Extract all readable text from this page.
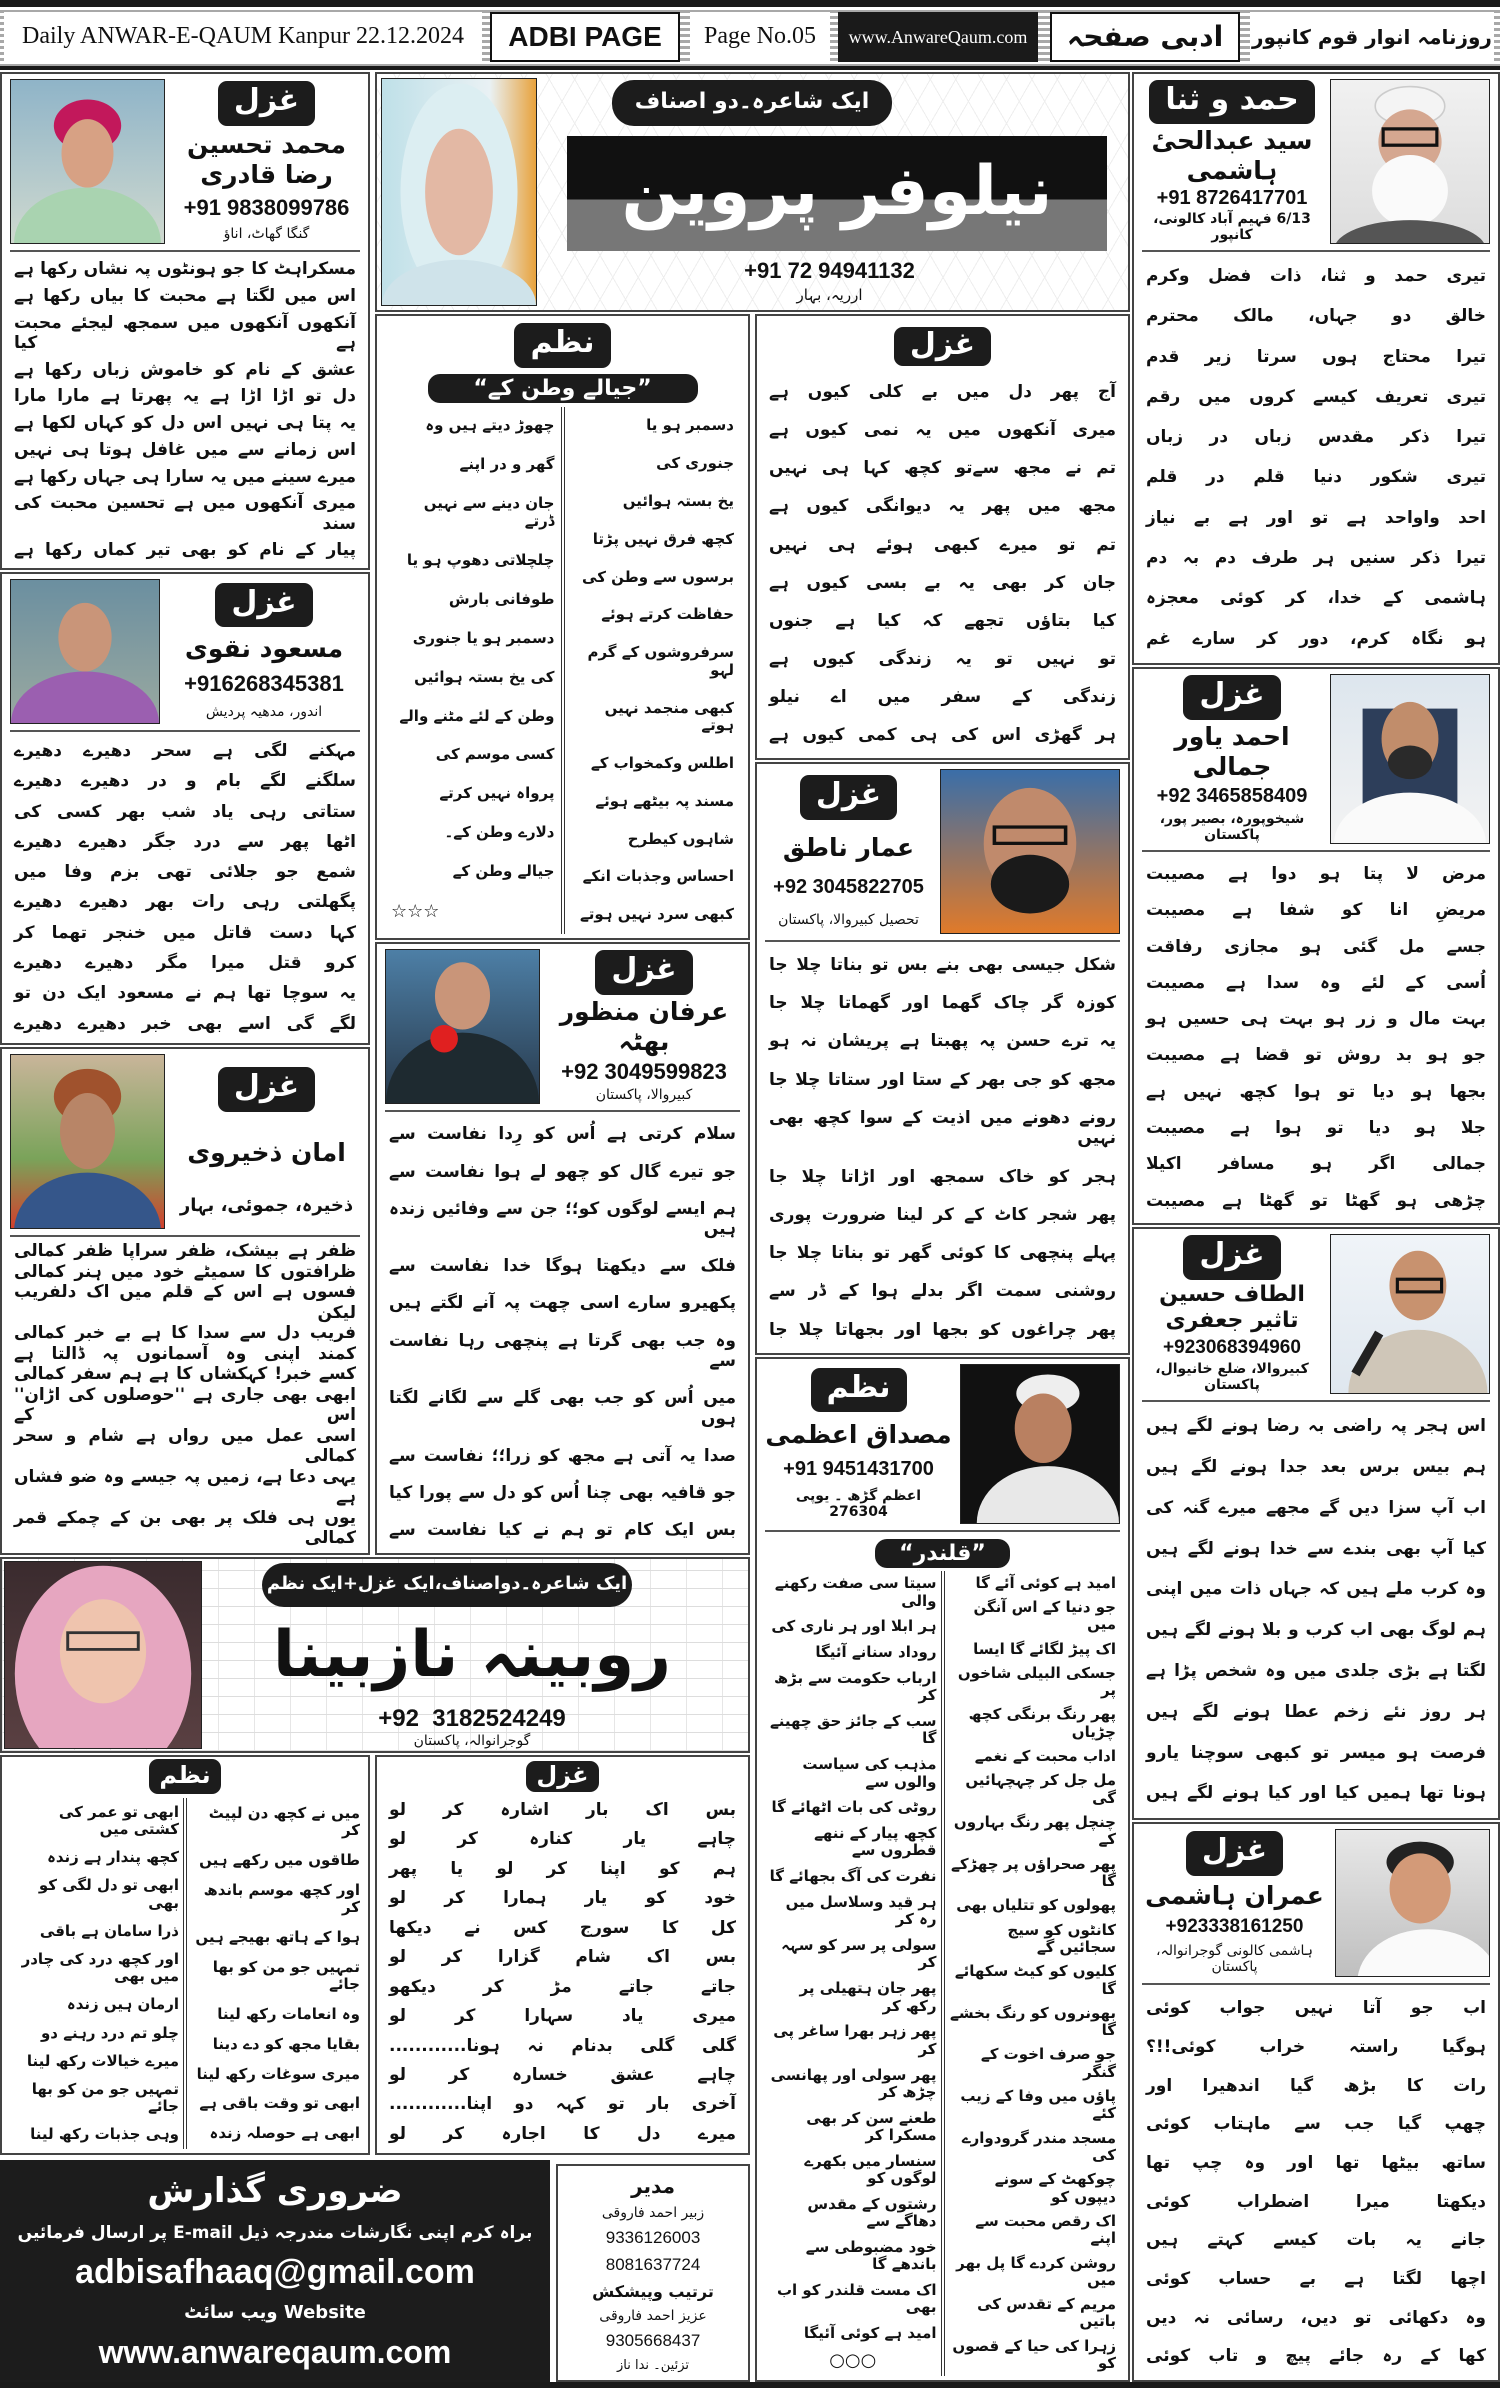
Daily ANWAR-E-QAUM Kanpur 22.12.2024 ADBI PAGE Page No.05 www.AnwareQaum.com ادبی صفحہ روزنامہ انوار قوم کانپور
غزل
محمد تحسین رضا قادری
+91 9838099786
گنگا گھاٹ، اناؤ
مسکراہٹ کا جو ہونٹوں پہ نشاں رکھا ہے
اس میں لگتا ہے محبت کا بیاں رکھا ہے
آنکھوں آنکھوں میں سمجھ لیجئے محبت ہے کیا
عشق کے نام کو خاموش زباں رکھا ہے
دل تو اڑا اڑا ہے یہ پھرتا ہے مارا مارا
یہ پتا ہی نہیں اس دل کو کہاں لکھا ہے
اس زمانے سے میں غافل ہوتا ہی نہیں
میرے سینے میں یہ سارا ہی جہاں رکھا ہے
میری آنکھوں میں ہے تحسین محبت کی سند
پیار کے نام کو بھی تیر کماں رکھا ہے
غزل
مسعود نقوی
+916268345381
اندور، مدھیہ پردیش
مہکنے لگی ہے سحر دھیرے دھیرے
سلگنے لگے بام و در دھیرے دھیرے
ستاتی رہی یاد شب بھر کسی کی
اٹھا پھر سے درد جگر دھیرے دھیرے
شمع جو جلائی تھی بزم وفا میں
پگھلتی رہی رات بھر دھیرے دھیرے
کہا دست قاتل میں خنجر تھما کر
کرو قتل میرا مگر دھیرے دھیرے
یہ سوچا تھا ہم نے مسعود ایک دن تو
لگے گی اسے بھی خبر دھیرے دھیرے
غزل
امان ذخیروی
ذخیرہ، جموئی، بہار
ظفر ہے بیشک، ظفر سراپا ظفر کمالی
ظرافتوں کا سمیٹے خود میں ہنر کمالی
فسوں ہے اس کے قلم میں اک دلفریب لیکن
فریب دل سے سدا کا ہے بے خبر کمالی
کمند اپنی وہ آسمانوں پہ ڈالتا ہے
کسے خبر! کہکشاں کا ہے ہم سفر کمالی
ابھی بھی جاری ہے ''حوصلوں کی اڑان'' اس کے
اسی عمل میں رواں ہے شام و سحر کمالی
یہی دعا ہے، زمیں پہ جیسے وہ ضو فشاں ہے
یوں ہی فلک پر بھی بن کے چمکے قمر کمالی
ایک شاعرہ۔دو اصناف
نیلوفر پروین
+91 72 94941132
ارریہ، بہار
نظم
”جیالے وطن کے“
دسمبر ہو یا
جنوری کی
یخ بستہ ہوائیں
کچھ فرق نہیں پڑتا
برسوں سے وطن کی
حفاظت کرتے ہوئے
سرفروشوں کے گرم لہو
کبھی منجمد نہیں ہوتے
اطلس وکمخواب کے
مسند پہ بیٹھے ہوئے
شاہوں کیطرح
احساس وجذبات انکے
کبھی سرد نہیں ہوتے
چھوڑ دیتے ہیں وہ
گھر و در اپنے
جان دینے سے نہیں ڈرتے
چلچلاتی دھوپ ہو یا
طوفانی بارش
دسمبر ہو یا جنوری
کی یخ بستہ ہوائیں
وطن کے لئے مٹنے والے
کسی موسم کی
پرواہ نہیں کرتے
دلارے وطن کے۔
جیالے وطن کے
☆☆☆
غزل
آج پھر دل میں بے کلی کیوں ہے
میری آنکھوں میں یہ نمی کیوں ہے
تم نے مجھ سےتو کچھ کہا ہی نہیں
مجھ میں پھر یہ دیوانگی کیوں ہے
تم تو میرے کبھی ہوئے ہی نہیں
جان کر بھی یہ بے بسی کیوں ہے
کیا بتاؤں تجھے کہ کیا ہے جنوں
تو نہیں تو یہ زندگی کیوں ہے
زندگی کے سفر میں اے نیلو
ہر گھڑی اس کی ہی کمی کیوں ہے
غزل
عرفان منظور بھٹہ
+92 3049599823
کبیروالا، پاکستان
سلام کرتی ہے اُس کو رِدا نفاست سے
جو تیرے گال کو چھو لے ہوا نفاست سے
ہم ایسے لوگوں کو؛؛ جن سے وفائیں زندہ ہیں
فلک سے دیکھتا ہوگا خدا نفاست سے
پکھیرو سارے اسی چھت پہ آنے لگتے ہیں
وہ جب بھی گرتا ہے پنچھی رہا نفاست سے
میں اُس کو جب بھی گلے سے لگانے لگتا ہوں
صدا یہ آتی ہے مجھ کو زرا؛؛ نفاست سے
جو قافیہ بھی چنا اُس کو دل سے پورا کیا
بس ایک کام تو ہم نے کیا نفاست سے
غزل
عمار ناطق
+92 3045822705
تحصیل کبیروالا، پاکستان
شکل جیسی بھی بنے بس تو بناتا چلا جا
کوزہ گر چاک گھما اور گھماتا چلا جا
یہ ترے حسن پہ پھبتا ہے پریشان نہ ہو
مجھ کو جی بھر کے ستا اور ستاتا چلا جا
رونے دھونے میں اذیت کے سوا کچھ بھی نہیں
ہجر کو خاک سمجھ اور اڑاتا چلا جا
پھر شجر کاٹ کے کر لینا ضرورت پوری
پہلے پنچھی کا کوئی گھر تو بناتا چلا جا
روشنی سمت اگر بدلے ہوا کے ڈر سے
پھر چراغوں کو بجھا اور بجھاتا چلا جا
نظم
مصداق اعظمی
+91 9451431700
اعظم گڑھ ۔ یوپی 276304
”قلندر“
امید ہے کوئی آئے گا
جو دنیا کے اس آنگن میں
اک پیڑ لگائے گا ایسا
جسکی البیلی شاخوں پر
پھر رنگ برنگی کچھ چڑیاں
اداب محبت کے نغمے
مل جل کر چہچہائیں گی
چنچل پھر رنگ بہاروں کے
پھر صحراؤں پر چھڑکے گا
پھولوں کو تتلیاں بھی
کانٹوں کو سیج سجائیں گے
کلیوں کو کیٹ سکھائے گا
بھونروں کو رنگ بخشے گا
جو صرف اخوت کے گنگر
پاؤں میں وفا کے زیب کئے
مسجد مندر گرودوارے کی
چوکھٹ کے سونے دیپوں کو
اک رقص محبت سے اپنے
روشن کردے گا پل بھر میں
مریم کے تقدس کی باتیں
زہرا کی حیا کے قصوں کو
سیتا سی صفت رکھنے والی
ہر ابلا اور ہر ناری کی
روداد سنانے آئیگا
ارباب حکومت سے بڑھ کر
سب کے جائز حق چھینے گا
مذہب کی سیاست والوں سے
روٹی کی بات اٹھائے گا
کچھ پیار کے ننھے قطروں سے
نفرت کی آگ بجھائے گا
ہر قید وسلاسل میں رہ کر
سولی پر سر کو سہہ کر
پھر جان ہتھیلی پر رکھ کر
پھر زہر بھرا ساغر پی کر
پھر سولی اور پھانسی چڑھ کر
طعنے سن کر بھی مسکرا کر
سنسار میں بکھرے لوگوں کو
رشتوں کے مقدس دھاگے سے
خود مضبوطی سے باندھے گا
اک مست قلندر کو اب بھی
امید ہے کوئی آئیگا
○○○
حمد و ثنا
سید عبدالحیٔ ہاشمی
+91 8726417701
6/13 فہیم آباد کالونی، کانپور
تیری حمد و ثنا، ذات فضل وکرم
خالق دو جہاں، مالک محترم
تیرا محتاج ہوں سرتا زیر قدم
تیری تعریف کیسے کروں میں رقم
تیرا ذکر مقدس زباں در زباں
تیری شکور دنیا قلم در قلم
احد واواحد ہے تو اور ہے بے نیاز
تیرا ذکر سنیں ہر طرف دم بہ دم
ہاشمی کے خدا، کر کوئی معجزہ
ہو نگاہ کرم، دور کر سارے غم
غزل
احمد یاور جمالی
+92 3465858409
شیخوپورہ، بصیر پور، پاکستان
مرض لا پتا ہو دوا ہے مصیبت
مریضِ انا کو شفا ہے مصیبت
جسے مل گئی ہو مجازی رفاقت
اُسی کے لئے وہ سدا ہے مصیبت
بہت مال و زر ہو بہت ہی حسیں ہو
جو ہو بد روش تو قضا ہے مصیبت
بجھا ہو دیا تو ہوا کچھ نہیں ہے
جلا ہو دیا تو ہوا ہے مصیبت
جمالی اگر ہو مسافر اکیلا
چڑھی ہو گھٹا تو گھٹا ہے مصیبت
غزل
الطاف حسین تاثیر جعفری
+923068394960
کبیروالا، ضلع خانیوال، پاکستان
اس ہجر پہ راضی بہ رضا ہونے لگے ہیں
ہم بیس برس بعد جدا ہونے لگے ہیں
اب آپ سزا دیں گے مجھے میرے گنہ کی
کیا آپ بھی بندے سے خدا ہونے لگے ہیں
وہ کرب ملے ہیں کہ جہاں ذات میں اپنی
ہم لوگ بھی اب کرب و بلا ہونے لگے ہیں
لگتا ہے بڑی جلدی میں وہ شخص پڑا ہے
ہر روز نئے زخم عطا ہونے لگے ہیں
فرصت ہو میسر تو کبھی سوچنا یارو
ہونا تھا ہمیں کیا اور کیا ہونے لگے ہیں
غزل
عمران ہاشمی
+923338161250
ہاشمی کالونی گوجرانوالہ، پاکستان
اب جو آتا نہیں جواب کوئی
ہوگیا راستہ خراب کوئی!!؟
رات کا بڑھ گیا اندھیرا اور
چھپ گیا جب سے ماہتاب کوئی
ساتھ بیٹھا تھا اور وہ چپ تھا
دیکھتا میرا اضطراب کوئی
جانے یہ بات کیسے کہتے ہیں
اچھا لگتا ہے بے حساب کوئی
وہ دکھائی تو دیں، رسائی نہ دیں
کھا کے رہ جائے پیچ و تاب کوئی
ایک شاعرہ۔دواصناف،ایک غزل+ایک نظم
روبینہ نازبینا
+92  3182524249
گوجرانوالہ، پاکستان
نظم
میں نے کچھ دن لپیٹ کر
طاقوں میں رکھے ہیں
اور کچھ موسم باندھ کر
ہوا کے ہاتھ بھیجے ہیں
تمہیں جو من کو بھا جائے
وہ انعامات رکھ لینا
بقایا مجھ کو دے دینا
میری سوغات رکھ لینا
ابھی تو وقت باقی ہے
ابھی ہے حوصلہ زندہ
ابھی تو عمر کی کشتی میں
کچھ پندار ہے زندہ
ابھی تو دل لگی کو بھی
ذرا سامان ہے باقی
اور کچھ درد کی چادر میں بھی
ارمان ہیں زندہ
چلو تم درد رہنے دو
میرے خیالات رکھ لینا
تمہیں جو من کو بھا جائے
وہی جذبات رکھ لینا
غزل
بس اک بار اشارہ کر لو
چاہے یار کنارہ کر لو
ہم کو اپنا کر لو یا پھر
خود کو یار ہمارا کر لو
کل کا سورج کس نے دیکھا
بس اک شام گزارا کر لو
جاتے جاتے مڑ کر دیکھو
میری یاد سہارا کر لو
گلی گلی بدنام نہ ہونا............
چاہے عشق خسارہ کر لو
آخری بار تو کہہ دو اپنا............
میرے دل کا اجارہ کر لو
ضروری گذارش
براہ کرم اپنی نگارشات مندرجہ ذیل E-mail پر ارسال فرمائیں
adbisafhaaq@gmail.com
Website ویب سائٹ
www.anwareqaum.com
مدیر
زبیر احمد فاروقی
9336126003
8081637724
ترتیب وپیشکش
عزیز احمد فاروقی
9305668437
تزئین۔ ندا ناز
